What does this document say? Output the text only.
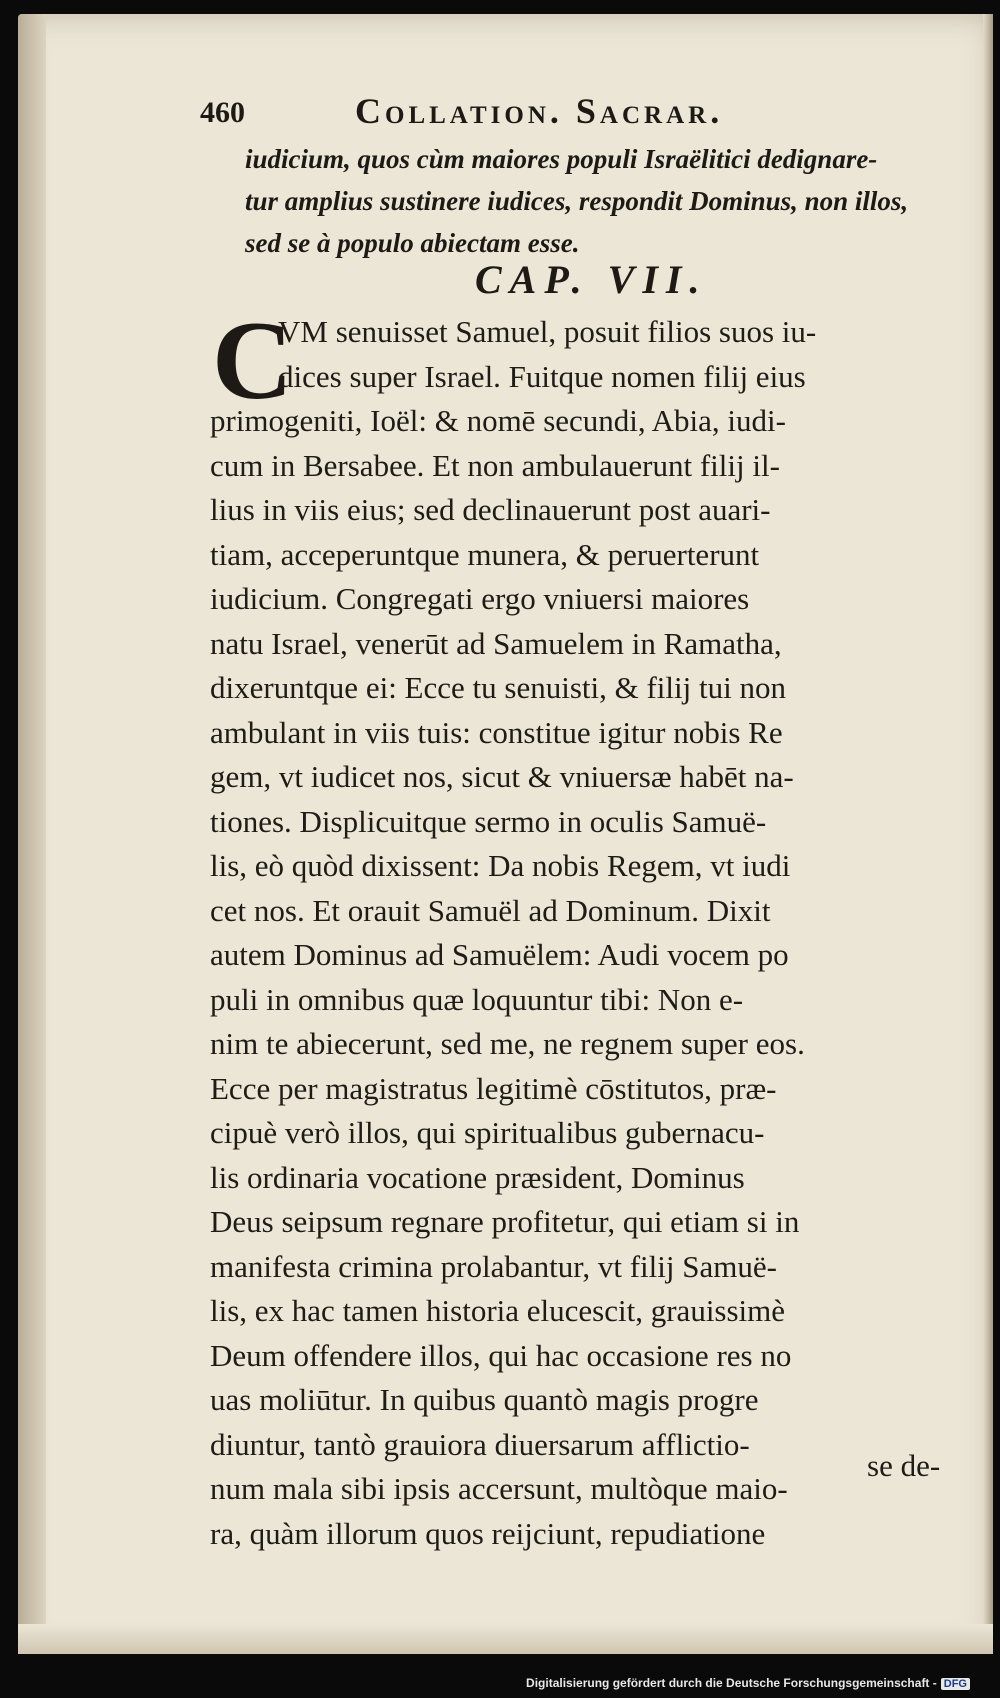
460	Collation. Sacrar.
iudicium, quos cùm maiores populi Israëlitici dedignare-
tur amplius sustinere iudices, respondit Dominus, non illos,
sed se à populo abiectam esse.
CAP. VII.
C
VM senuisset Samuel, posuit filios suos iu-
dices super Israel. Fuitque nomen filij eius
primogeniti, Ioël: & nomē secundi, Abia, iudi-
cum in Bersabee. Et non ambulauerunt filij il-
lius in viis eius; sed declinauerunt post auari-
tiam, acceperuntque munera, & peruerterunt
iudicium. Congregati ergo vniuersi maiores
natu Israel, venerūt ad Samuelem in Ramatha,
dixeruntque ei: Ecce tu senuisti, & filij tui non
ambulant in viis tuis: constitue igitur nobis Re
gem, vt iudicet nos, sicut & vniuersæ habēt na-
tiones. Displicuitque sermo in oculis Samuë-
lis, eò quòd dixissent: Da nobis Regem, vt iudi
cet nos. Et orauit Samuël ad Dominum. Dixit
autem Dominus ad Samuëlem: Audi vocem po
puli in omnibus quæ loquuntur tibi: Non e-
nim te abiecerunt, sed me, ne regnem super eos.
Ecce per magistratus legitimè cōstitutos, præ-
cipuè verò illos, qui spiritualibus gubernacu-
lis ordinaria vocatione præsident, Dominus
Deus seipsum regnare profitetur, qui etiam si in
manifesta crimina prolabantur, vt filij Samuë-
lis, ex hac tamen historia elucescit, grauissimè
Deum offendere illos, qui hac occasione res no
uas moliūtur. In quibus quantò magis progre
diuntur, tantò grauiora diuersarum afflictio-
num mala sibi ipsis accersunt, multòque maio-
ra, quàm illorum quos reijciunt, repudiatione
se de-
Digitalisierung gefördert durch die Deutsche Forschungsgemeinschaft - DFG
